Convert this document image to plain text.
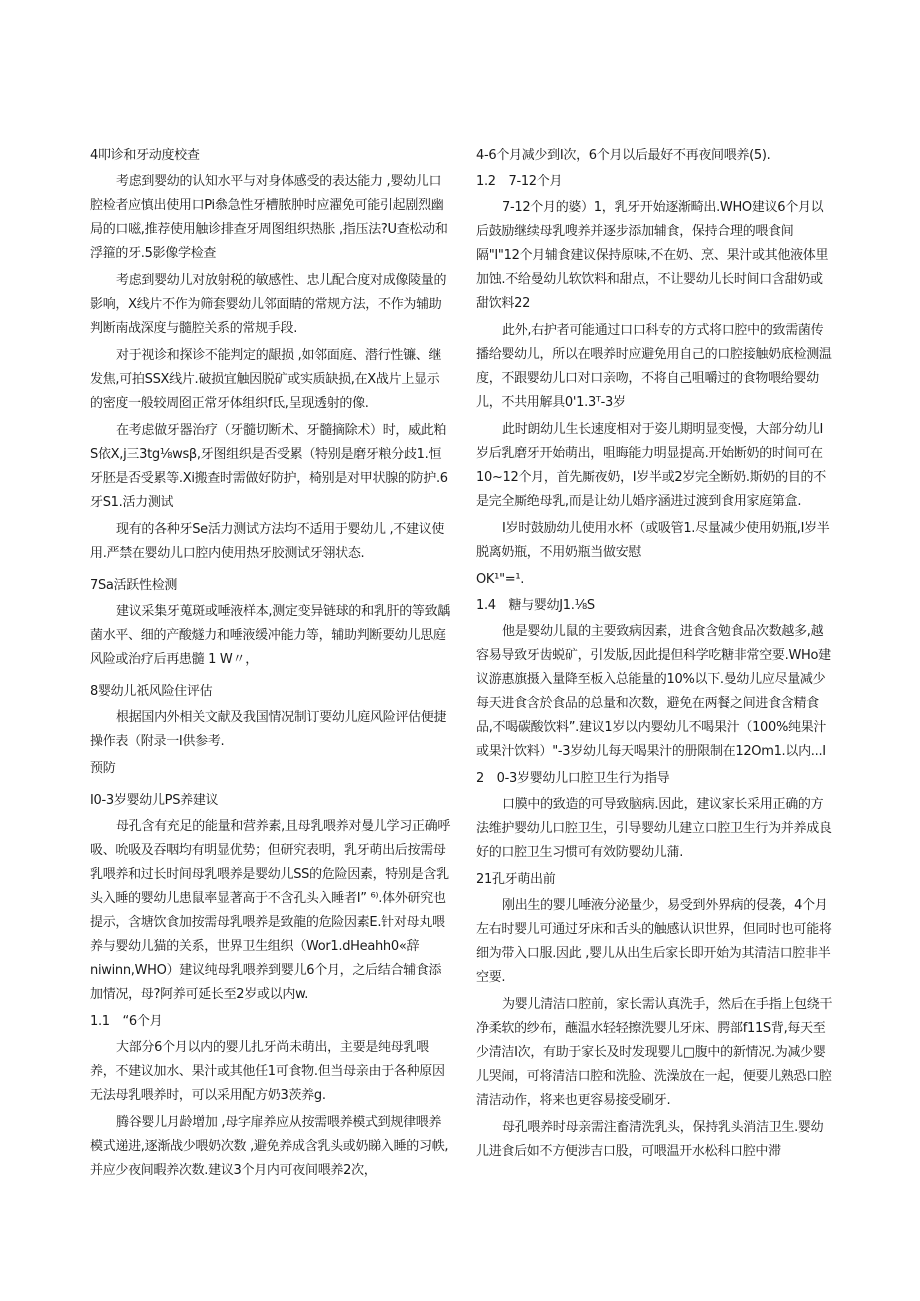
4叩诊和牙动度校查
考虑到婴幼的认知水平与对身体感受的表达能力 ,婴幼儿口腔检者应慎出使用口Pi叅急性牙槽脓肿时应濯免可能引起剧烈幽局的口嗞,推荐使用触诊排查牙周图组织热胀 ,指压法?U查松动和浮箍的牙.5影像学检查
考虑到婴幼儿对放射税的敏感性、忠儿配合度对成像陵量的影响，X线片不作为筛套婴幼儿邻面睛的常规方法，不作为辅助判断南战深度与髓腔关系的常规手段.
对于视诊和探诊不能判定的龈损 ,如邻面庭、潜行性镰、继发焦,可拍SSX线片.破损宜触因脱矿或实质缺损,在X战片上显示的密度一般较周囵正常牙体组织f氐,呈现透射的像.
在考虑做牙器治疗（牙髓切断术、牙髓摘除术）时，威此粕S依X,j三3tg⅛wsβ,牙图组织是否受累（特别是磨牙粮分歧1.恒牙胚是否受累等.Xi搬查时需做好防护，椅别是对甲状腺的防护.6牙S1.活力测试
现有的各种牙Se活力测试方法均不适用于婴幼儿 ,不建议使用.严禁在婴幼儿口腔内使用热牙胶测试牙翎状态.
7Sa活跃性检测
建议采集牙蒐斑或唾液样本,测定变异链球的和乳肝的等致龋菌水平、细的产酸燧力和唾液缓冲能力等，辅助判断要幼儿思庭风险或治疗后再患髓 1 W〃，
8婴幼儿祇风险住评估
根据国内外相关文献及我国情况制订要幼儿庭风险评估便捷操作表（附录一I供参考.
预防
I0-3岁婴幼儿PS养建议
母孔含有充足的能量和营养素,且母乳喂养对曼儿学习正确呼吸、吮吸及吞咽均有明显优势；但研究表明，乳牙萌出后按需母乳喂养和过长时间母乳喂养是婴幼儿SS的危险因素，特别是含乳头入睡的婴幼儿患鼠率显著高于不含孔头入睡者I” ⁶⁾.体外研究也提示，含塘饮食加按需母乳喂养是致龍的危险因素E.针对母丸喂养与婴幼儿猫的关系，世界卫生组织（Wor1.dHeahh0«辞niwinn,WHO）建议纯母乳喂养到婴儿6个月，之后结合辅食添加情况，母?阿养可延长至2岁或以内w.
1.1　“6个月
大部分6个月以内的婴儿扎牙尚未萌出，主要是纯母乳喂养，不建议加水、果汁或其他任1可食物.但当母亲由于各种原因无法母乳喂养时，可以采用配方奶3茨养g.
腾谷婴儿月龄增加 ,母字扉养应从按需喂养模式到规律喂养模式递进,逐渐战少喂奶次数 ,避免养成含乳头或奶睇入睡的习帙,并应少夜间暇养次数.建议3个月内可夜间喂养2次，
4-6个月减少到I次，6个月以后最好不再夜间喂养(5).
1.2　7-12个月
7-12个月的婆）1，乳牙开始逐渐畸出.WHO建议6个月以后鼓励继续母乳嗖养并逐步添加辅食，保持合理的喂食间隔"I"12个月辅食建议保持原味,不在奶、烹、果汁或其他液体里加蚀.不给曼幼儿软饮料和甜点，不让婴幼儿长时间口含甜奶或甜饮料22
此外,右护者可能通过口口科专的方式将口腔中的致需菌传播给婴幼儿，所以在喂养时应避免用自己的口腔接触奶底检测温度，不跟婴幼儿口对口亲吻，不将自己咀嚼过的食物喂给婴幼儿，不共用解具0'1.3ᵀ-3岁
此时朗幼儿生长速度相对于姿儿期明显变慢，大部分幼儿I岁后乳磨牙开始萌出，咀晦能力明显提高.开始断奶的时间可在10~12个月，首先厮夜奶，I岁半或2岁完全断奶.斯奶的目的不是完全厮绝母乳,而是让幼儿婚序涵进过渡到食用家庭第盒.
I岁时鼓励幼儿使用水杯（或吸管1.尽量减少使用奶瓶,I岁半脱离奶瓶，不用奶瓶当做安慰
OK¹"=¹.
1.4　糖与婴幼J1.⅛S
他是婴幼儿鼠的主要致病因素，进食含勉食品次数越多,越容易导致牙齿蜕矿，引发版,因此提但科学吃糖非常空要.WHo建议游惠旗摄入量降至板入总能量的10%以下.曼幼儿应尽量减少每天进食含於食品的总量和次数，避免在两餐之间进食含精食品,不喝碳酸饮料”.建议1岁以内婴幼儿不喝果汁（100%纯果汁或果汁饮料）"-3岁幼儿每天喝果汁的册限制在12Om1.以内...I
2　0-3岁婴幼儿口腔卫生行为指导
口膜中的致造的可导致脑病.因此，建议家长采用正确的方法维护婴幼儿口腔卫生，引导婴幼儿建立口腔卫生行为并养成良好的口腔卫生习惯可有效防婴幼儿蒲.
21孔牙萌出前
刚出生的婴儿唾液分泌量少，易受到外界病的侵袭，4个月左右时婴儿可通过牙床和舌头的触感认识世界，但同时也可能将细为带入口服.因此 ,婴儿从出生后家长即开始为其清洁口腔非半空要.
为婴儿清洁口腔前，家长需认真洗手，然后在手指上包绕干净柔软的纱布，蘸温水轻轻擦洗婴儿牙床、腭部f11S背,每天至少清洁I次，有助于家长及时发现婴儿□腹中的新情况.为减少婴儿哭闹，可将清洁口腔和洗脸、洗澡放在一起，便要儿熟恐口腔清洁动作，将来也更容易接受刷牙.
母孔喂养时母亲需注畜清洗乳头，保持乳头消洁卫生.婴幼儿进食后如不方便涉吉口股，可喂温开水松科口腔中滞
